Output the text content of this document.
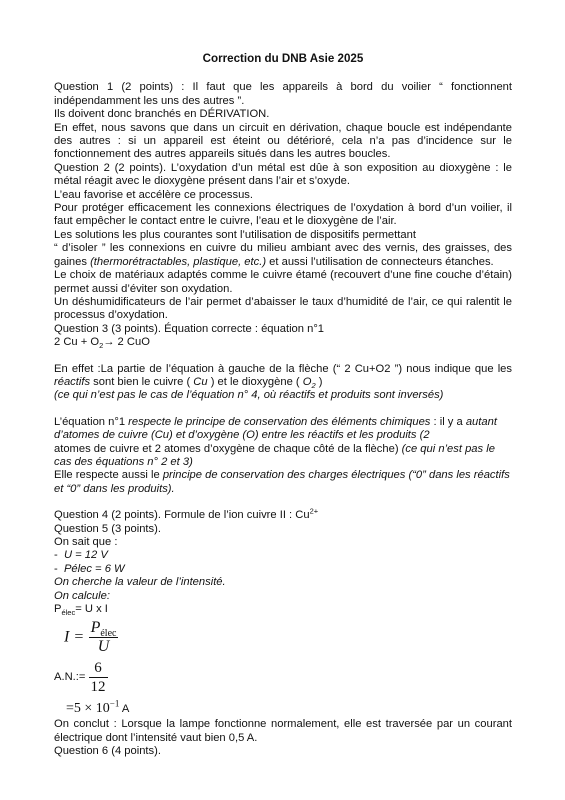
Correction du DNB Asie 2025

Question 1 (2 points) : Il faut que les appareils à bord du voilier “ fonctionnent indépendamment les uns des autres ”.

Ils doivent donc branchés en DÉRIVATION.

En effet, nous savons que dans un circuit en dérivation, chaque boucle est indépendante des autres : si un appareil est éteint ou détérioré, cela n’a pas d’incidence sur le fonctionnement des autres appareils situés dans les autres boucles.

Question 2 (2 points). L’oxydation d’un métal est dûe à son exposition au dioxygène : le métal réagit avec le dioxygène présent dans l’air et s’oxyde.

L’eau favorise et accélère ce processus.

Pour protéger efficacement les connexions électriques de l’oxydation à bord d’un voilier, il faut empêcher le contact entre le cuivre, l’eau et le dioxygène de l’air.

Les solutions les plus courantes sont l’utilisation de dispositifs permettant

“ d’isoler ” les connexions en cuivre du milieu ambiant avec des vernis, des graisses, des gaines (thermorétractables, plastique, etc.) et aussi l’utilisation de connecteurs étanches.

Le choix de matériaux adaptés comme le cuivre étamé (recouvert d’une fine couche d’étain) permet aussi d’éviter son oxydation.

Un déshumidificateurs de l’air permet d’abaisser le taux d’humidité de l’air, ce qui ralentit le processus d’oxydation.

Question 3 (3 points). Équation correcte : équation n°1

2 $Cu + O_2\to 2$ CuO

En effet :La partie de l’équation à gauche de la flèche (“ 2 Cu+O2 ”) nous indique que les réactifs sont bien le cuivre ( Cu ) et le dioxygène ( $O_2$ )

(ce qui n’est pas le cas de l’équation n° 4, où réactifs et produits sont inversés)

L’équation n°1 respecte le principe de conservation des éléments chimiques : il y a autant d’atomes de cuivre (Cu) et d’oxygène (O) entre les réactifs et les produits (2

atomes de cuivre et 2 atomes d’oxygène de chaque côté de la flèche) (ce qui n’est pas le cas des équations n° 2 et 3)

Elle respecte aussi le principe de conservation des charges électriques (“0” dans les réactifs et “0” dans les produits).

Question 4 (2 points). Formule de l’ion cuivre II : $Cu^{2+}$

Question 5 (3 points).

On sait que :

-  U = 12 V

-  Pélec = 6 W

On cherche la valeur de l’intensité.

On calcule:

$P_{élec}= U$ x I

$I = \frac{P_{élec}}{U}$
A.N.:= $\frac{6}{12}$

$=5 \times 10^{-1}$ A

On conclut : Lorsque la lampe fonctionne normalement, elle est traversée par un courant électrique dont l’intensité vaut bien 0,5 A.

Question 6 (4 points).
